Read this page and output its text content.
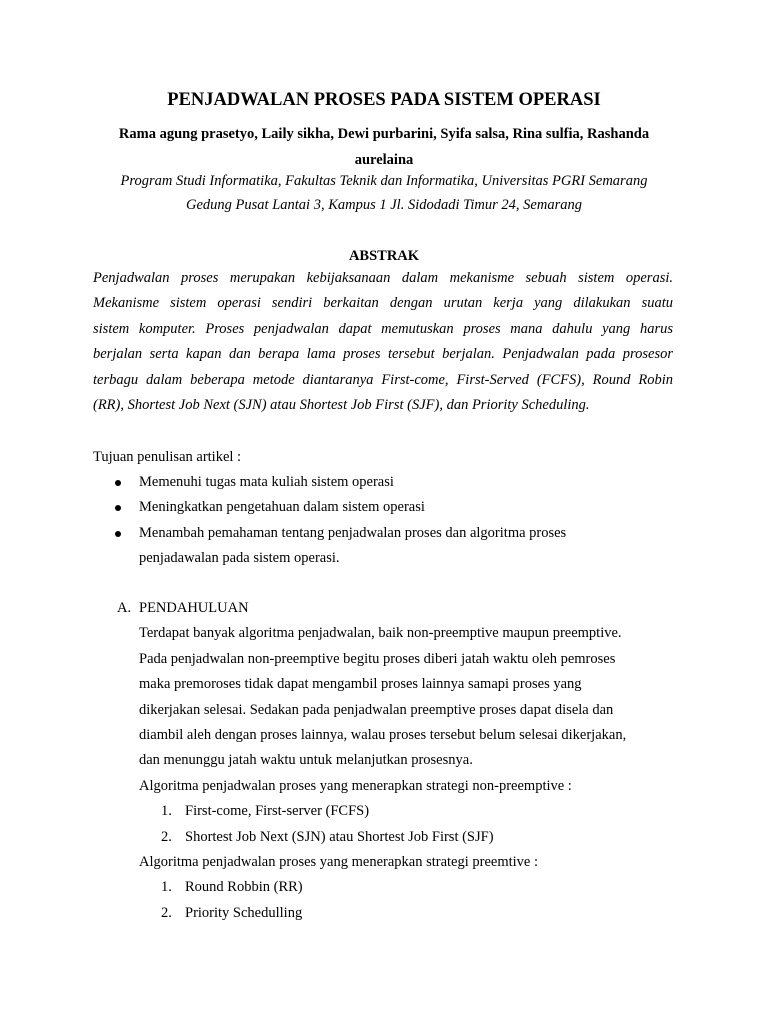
PENJADWALAN PROSES PADA SISTEM OPERASI
Rama agung prasetyo, Laily sikha, Dewi purbarini, Syifa salsa, Rina sulfia, Rashanda
aurelaina
Program Studi Informatika, Fakultas Teknik dan Informatika, Universitas PGRI Semarang
Gedung Pusat Lantai 3, Kampus 1 Jl. Sidodadi Timur 24, Semarang
ABSTRAK
Penjadwalan proses merupakan kebijaksanaan dalam mekanisme sebuah sistem operasi.
Mekanisme sistem operasi sendiri berkaitan dengan urutan kerja yang dilakukan suatu
sistem komputer. Proses penjadwalan dapat memutuskan proses mana dahulu yang harus
berjalan serta kapan dan berapa lama proses tersebut berjalan. Penjadwalan pada prosesor
terbagu dalam beberapa metode diantaranya First-come, First-Served (FCFS), Round Robin
(RR), Shortest Job Next (SJN) atau Shortest Job First (SJF), dan Priority Scheduling.
Tujuan penulisan artikel :
Memenuhi tugas mata kuliah sistem operasi
Meningkatkan pengetahuan dalam sistem operasi
Menambah pemahaman tentang penjadwalan proses dan algoritma proses
penjadawalan pada sistem operasi.
A. PENDAHULUAN
Terdapat banyak algoritma penjadwalan, baik non-preemptive maupun preemptive.
Pada penjadwalan non-preemptive begitu proses diberi jatah waktu oleh pemroses
maka premoroses tidak dapat mengambil proses lainnya samapi proses yang
dikerjakan selesai. Sedakan pada penjadwalan preemptive proses dapat disela dan
diambil aleh dengan proses lainnya, walau proses tersebut belum selesai dikerjakan,
dan menunggu jatah waktu untuk melanjutkan prosesnya.
Algoritma penjadwalan proses yang menerapkan strategi non-preemptive :
1. First-come, First-server (FCFS)
2. Shortest Job Next (SJN) atau Shortest Job First (SJF)
Algoritma penjadwalan proses yang menerapkan strategi preemtive :
1. Round Robbin (RR)
2. Priority Schedulling
